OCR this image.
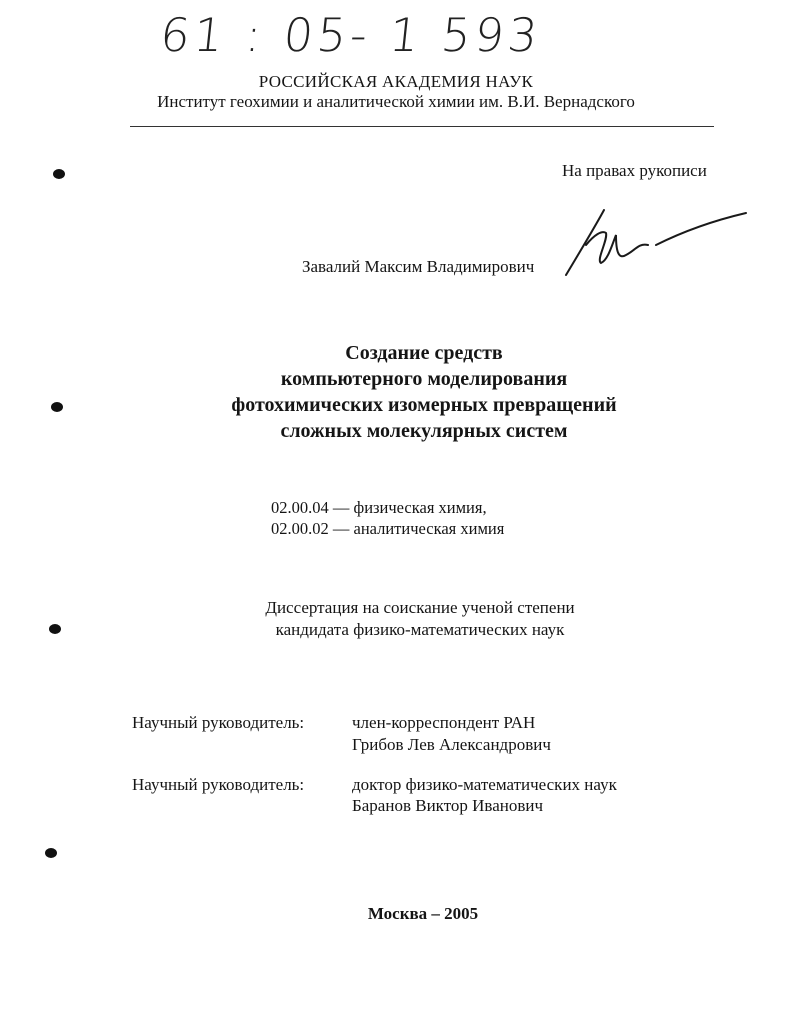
61 : 05- 1 593
РОССИЙСКАЯ АКАДЕМИЯ НАУК
Институт геохимии и аналитической химии им. В.И. Вернадского
На правах рукописи
Завалий Максим Владимирович
Создание средств
компьютерного моделирования
фотохимических изомерных превращений
сложных молекулярных систем
02.00.04 — физическая химия,
02.00.02 — аналитическая химия
Диссертация на соискание ученой степени
кандидата физико-математических наук
Научный руководитель:	член-корреспондент РАН
Грибов Лев Александрович
Научный руководитель:	доктор физико-математических наук
Баранов Виктор Иванович
Москва – 2005
